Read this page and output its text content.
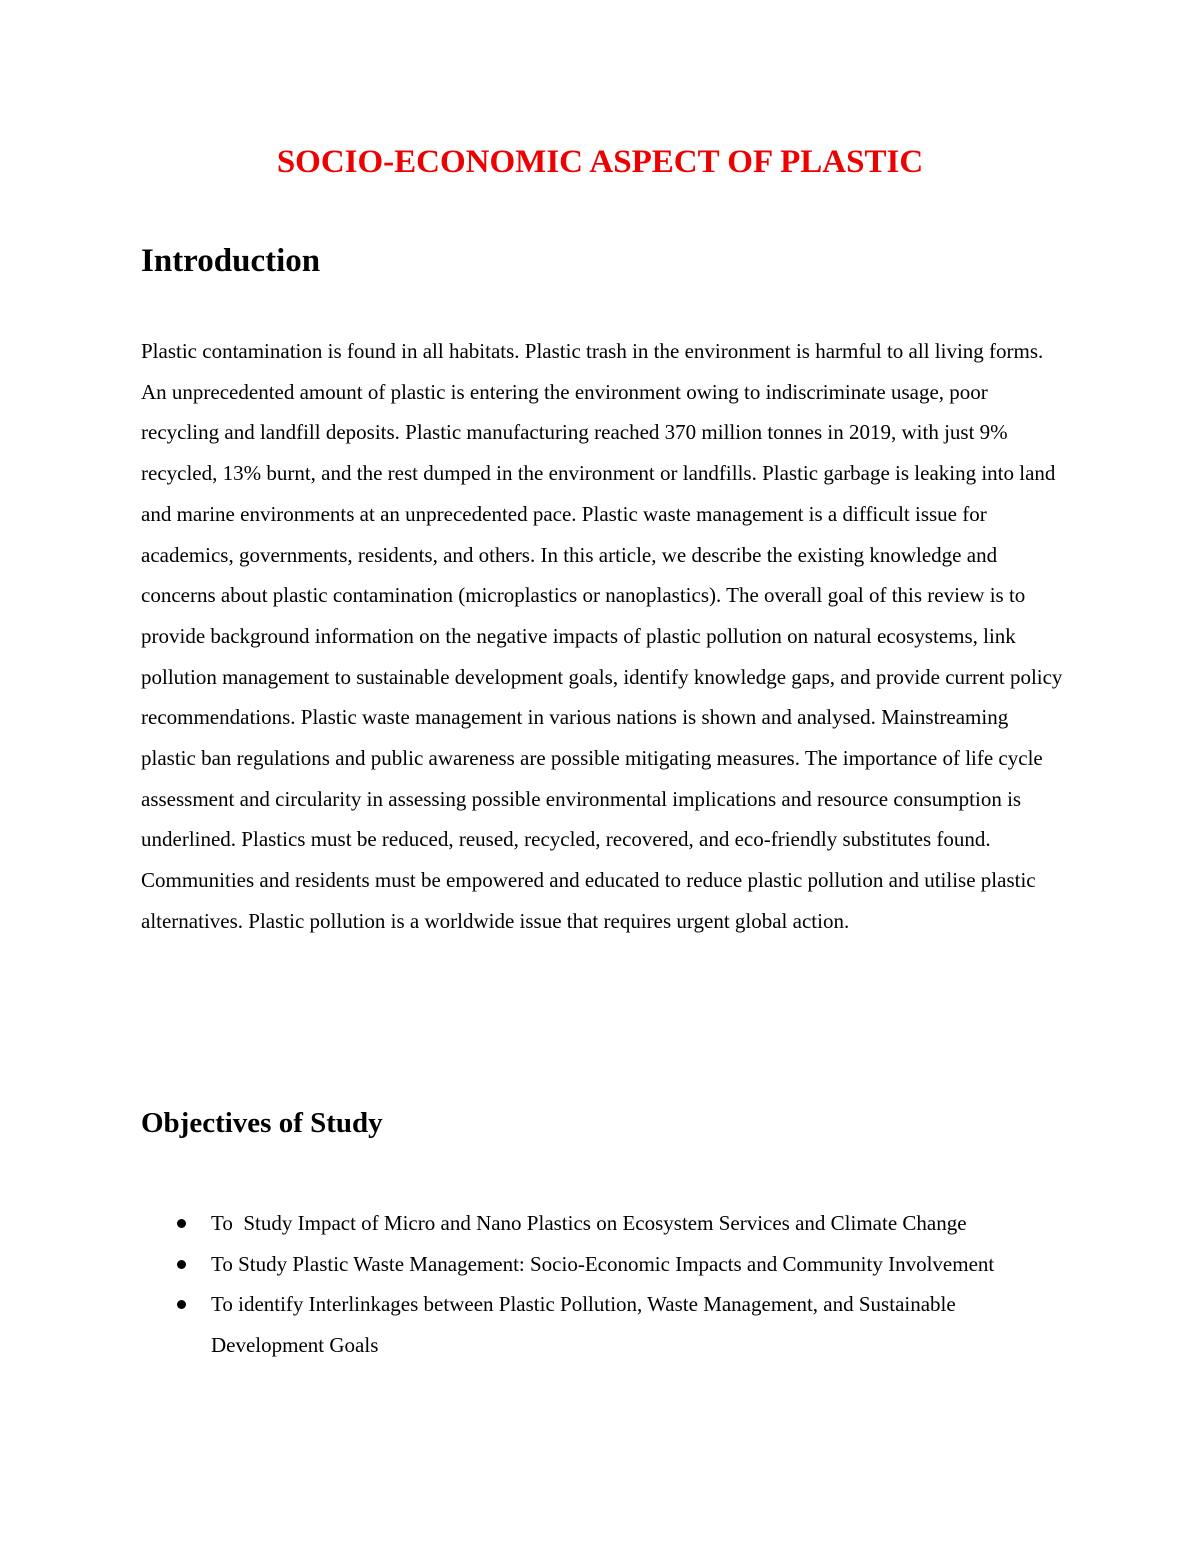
SOCIO-ECONOMIC ASPECT OF PLASTIC
Introduction

Plastic contamination is found in all habitats. Plastic trash in the environment is harmful to all living forms. An unprecedented amount of plastic is entering the environment owing to indiscriminate usage, poor recycling and landfill deposits. Plastic manufacturing reached 370 million tonnes in 2019, with just 9% recycled, 13% burnt, and the rest dumped in the environment or landfills. Plastic garbage is leaking into land and marine environments at an unprecedented pace. Plastic waste management is a difficult issue for academics, governments, residents, and others. In this article, we describe the existing knowledge and concerns about plastic contamination (microplastics or nanoplastics). The overall goal of this review is to provide background information on the negative impacts of plastic pollution on natural ecosystems, link pollution management to sustainable development goals, identify knowledge gaps, and provide current policy recommendations. Plastic waste management in various nations is shown and analysed. Mainstreaming plastic ban regulations and public awareness are possible mitigating measures. The importance of life cycle assessment and circularity in assessing possible environmental implications and resource consumption is underlined. Plastics must be reduced, reused, recycled, recovered, and eco-friendly substitutes found. Communities and residents must be empowered and educated to reduce plastic pollution and utilise plastic alternatives. Plastic pollution is a worldwide issue that requires urgent global action.

Objectives of Study
To  Study Impact of Micro and Nano Plastics on Ecosystem Services and Climate Change
To Study Plastic Waste Management: Socio-Economic Impacts and Community Involvement
To identify Interlinkages between Plastic Pollution, Waste Management, and Sustainable Development Goals
